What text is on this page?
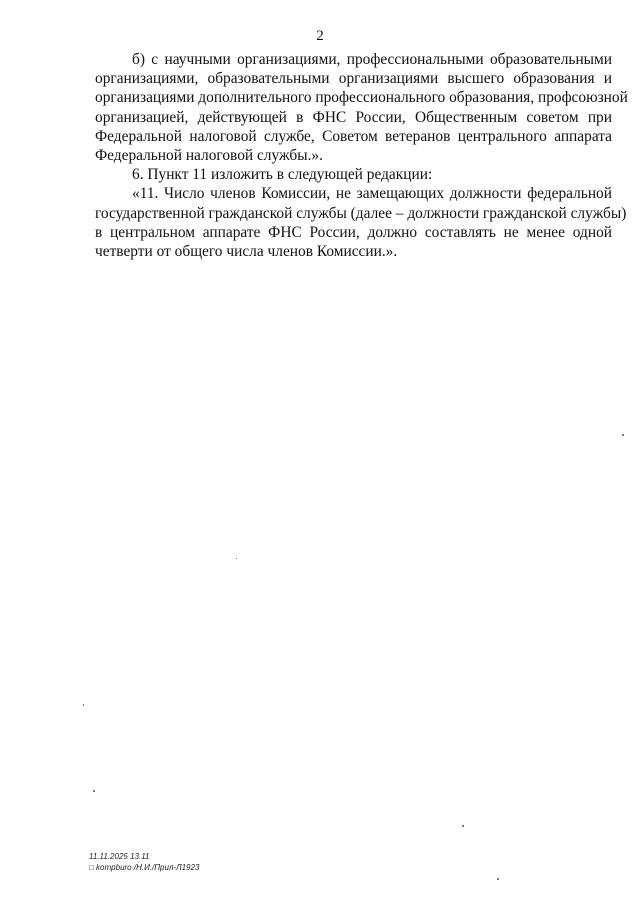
2

б) с научными организациями, профессиональными образовательными
организациями, образовательными организациями высшего образования и
организациями дополнительного профессионального образования, профсоюзной
организацией, действующей в ФНС России, Общественным советом при
Федеральной налоговой службе, Советом ветеранов центрального аппарата
Федеральной налоговой службы.».

6. Пункт 11 изложить в следующей редакции:

«11. Число членов Комиссии, не замещающих должности федеральной
государственной гражданской службы (далее – должности гражданской службы)
в центральном аппарате ФНС России, должно составлять не менее одной
четверти от общего числа членов Комиссии.».

11.11.2025 13.11
□ kompburo /Н.И./Прил-Л1923
